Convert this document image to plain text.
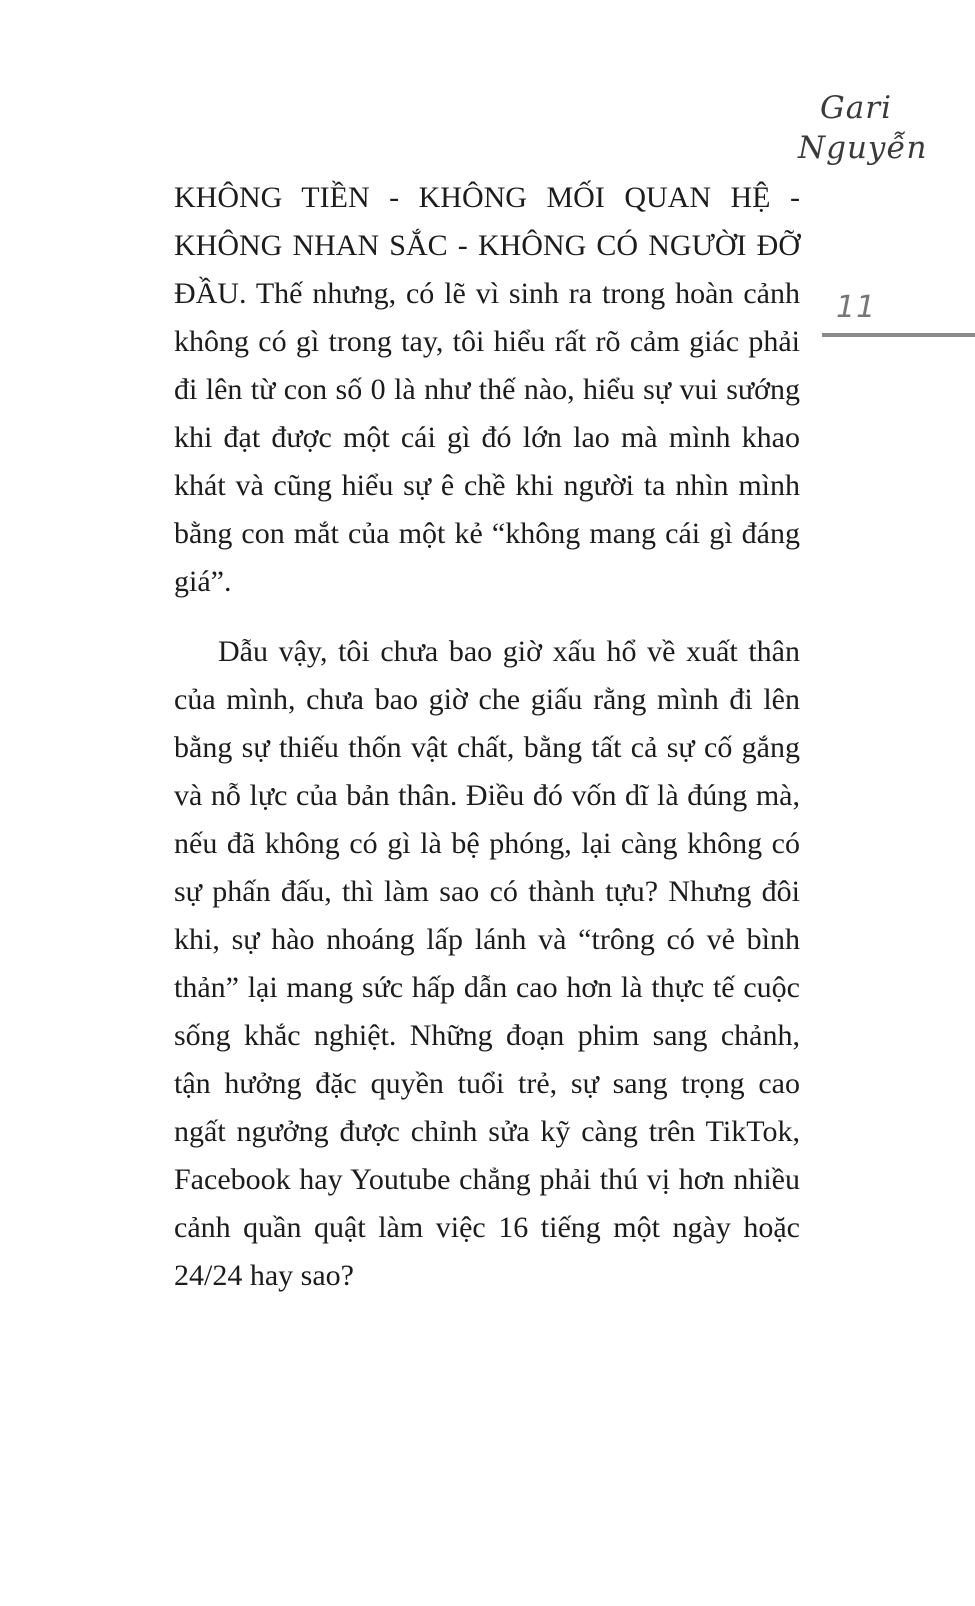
Gari
Nguyễn
11

KHÔNG TIỀN - KHÔNG MỐI QUAN HỆ - KHÔNG NHAN SẮC - KHÔNG CÓ NGƯỜI ĐỠ ĐẦU. Thế nhưng, có lẽ vì sinh ra trong hoàn cảnh không có gì trong tay, tôi hiểu rất rõ cảm giác phải đi lên từ con số 0 là như thế nào, hiểu sự vui sướng khi đạt được một cái gì đó lớn lao mà mình khao khát và cũng hiểu sự ê chề khi người ta nhìn mình bằng con mắt của một kẻ “không mang cái gì đáng giá”.

Dẫu vậy, tôi chưa bao giờ xấu hổ về xuất thân của mình, chưa bao giờ che giấu rằng mình đi lên bằng sự thiếu thốn vật chất, bằng tất cả sự cố gắng và nỗ lực của bản thân. Điều đó vốn dĩ là đúng mà, nếu đã không có gì là bệ phóng, lại càng không có sự phấn đấu, thì làm sao có thành tựu? Nhưng đôi khi, sự hào nhoáng lấp lánh và “trông có vẻ bình thản” lại mang sức hấp dẫn cao hơn là thực tế cuộc sống khắc nghiệt. Những đoạn phim sang chảnh, tận hưởng đặc quyền tuổi trẻ, sự sang trọng cao ngất ngưởng được chỉnh sửa kỹ càng trên TikTok, Facebook hay Youtube chẳng phải thú vị hơn nhiều cảnh quần quật làm việc 16 tiếng một ngày hoặc 24/24 hay sao?
